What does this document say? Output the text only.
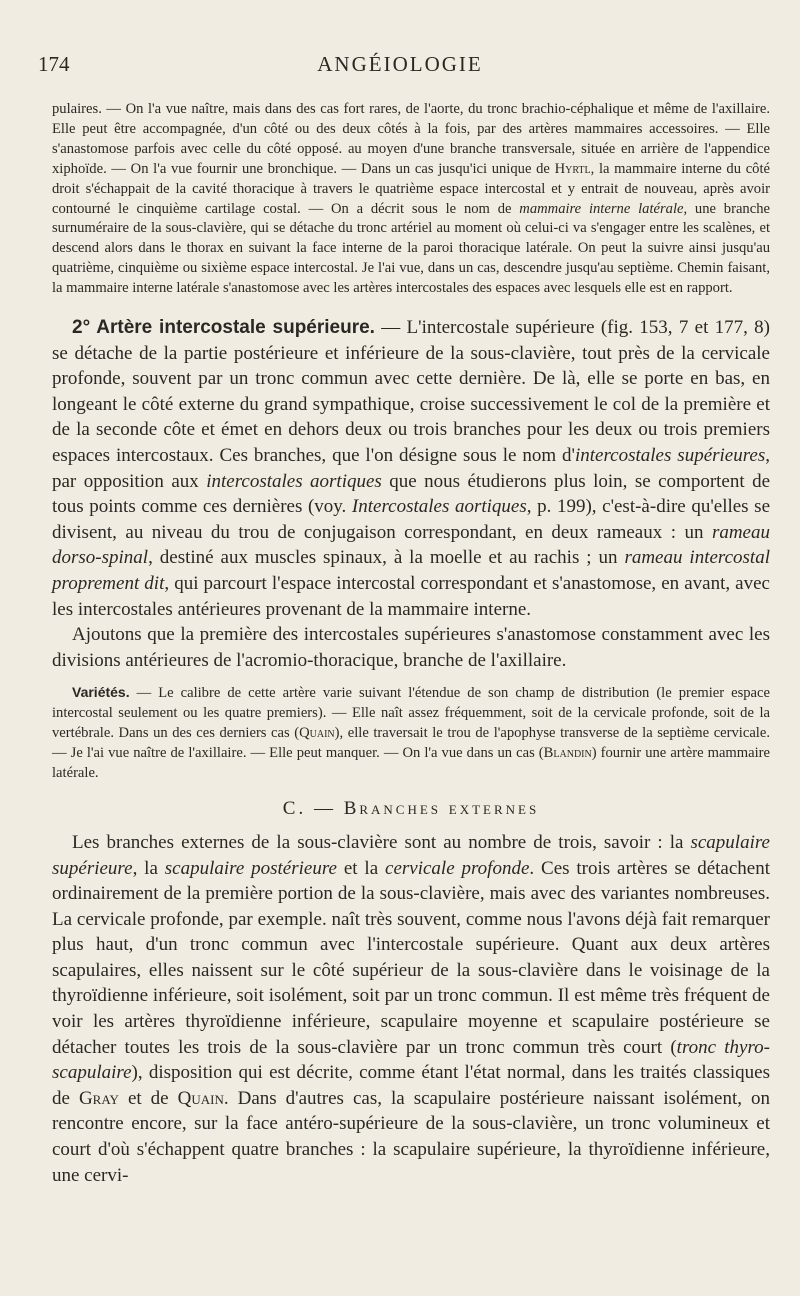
174	ANGÉIOLOGIE

pulaires. — On l'a vue naître, mais dans des cas fort rares, de l'aorte, du tronc brachio-céphalique et même de l'axillaire. Elle peut être accompagnée, d'un côté ou des deux côtés à la fois, par des artères mammaires accessoires. — Elle s'anastomose parfois avec celle du côté opposé. au moyen d'une branche transversale, située en arrière de l'appendice xiphoïde. — On l'a vue fournir une bronchique. — Dans un cas jusqu'ici unique de Hyrtl, la mammaire interne du côté droit s'échappait de la cavité thoracique à travers le quatrième espace intercostal et y entrait de nouveau, après avoir contourné le cinquième cartilage costal. — On a décrit sous le nom de mammaire interne latérale, une branche surnuméraire de la sous-clavière, qui se détache du tronc artériel au moment où celui-ci va s'engager entre les scalènes, et descend alors dans le thorax en suivant la face interne de la paroi thoracique latérale. On peut la suivre ainsi jusqu'au quatrième, cinquième ou sixième espace intercostal. Je l'ai vue, dans un cas, descendre jusqu'au septième. Chemin faisant, la mammaire interne latérale s'anastomose avec les artères intercostales des espaces avec lesquels elle est en rapport.

2° Artère intercostale supérieure. — L'intercostale supérieure (fig. 153, 7 et 177, 8) se détache de la partie postérieure et inférieure de la sous-clavière, tout près de la cervicale profonde, souvent par un tronc commun avec cette dernière. De là, elle se porte en bas, en longeant le côté externe du grand sympathique, croise successivement le col de la première et de la seconde côte et émet en dehors deux ou trois branches pour les deux ou trois premiers espaces intercostaux. Ces branches, que l'on désigne sous le nom d'intercostales supérieures, par opposition aux intercostales aortiques que nous étudierons plus loin, se comportent de tous points comme ces dernières (voy. Intercostales aortiques, p. 199), c'est-à-dire qu'elles se divisent, au niveau du trou de conjugaison correspondant, en deux rameaux : un rameau dorso-spinal, destiné aux muscles spinaux, à la moelle et au rachis ; un rameau intercostal proprement dit, qui parcourt l'espace intercostal correspondant et s'anastomose, en avant, avec les intercostales antérieures provenant de la mammaire interne.

Ajoutons que la première des intercostales supérieures s'anastomose constamment avec les divisions antérieures de l'acromio-thoracique, branche de l'axillaire.

Variétés. — Le calibre de cette artère varie suivant l'étendue de son champ de distribution (le premier espace intercostal seulement ou les quatre premiers). — Elle naît assez fréquemment, soit de la cervicale profonde, soit de la vertébrale. Dans un des ces derniers cas (Quain), elle traversait le trou de l'apophyse transverse de la septième cervicale. — Je l'ai vue naître de l'axillaire. — Elle peut manquer. — On l'a vue dans un cas (Blandin) fournir une artère mammaire latérale.

C. — Branches externes

Les branches externes de la sous-clavière sont au nombre de trois, savoir : la scapulaire supérieure, la scapulaire postérieure et la cervicale profonde. Ces trois artères se détachent ordinairement de la première portion de la sous-clavière, mais avec des variantes nombreuses. La cervicale profonde, par exemple. naît très souvent, comme nous l'avons déjà fait remarquer plus haut, d'un tronc commun avec l'intercostale supérieure. Quant aux deux artères scapulaires, elles naissent sur le côté supérieur de la sous-clavière dans le voisinage de la thyroïdienne inférieure, soit isolément, soit par un tronc commun. Il est même très fréquent de voir les artères thyroïdienne inférieure, scapulaire moyenne et scapulaire postérieure se détacher toutes les trois de la sous-clavière par un tronc commun très court (tronc thyro-scapulaire), disposition qui est décrite, comme étant l'état normal, dans les traités classiques de Gray et de Quain. Dans d'autres cas, la scapulaire postérieure naissant isolément, on rencontre encore, sur la face antéro-supérieure de la sous-clavière, un tronc volumineux et court d'où s'échappent quatre branches : la scapulaire supérieure, la thyroïdienne inférieure, une cervi-
